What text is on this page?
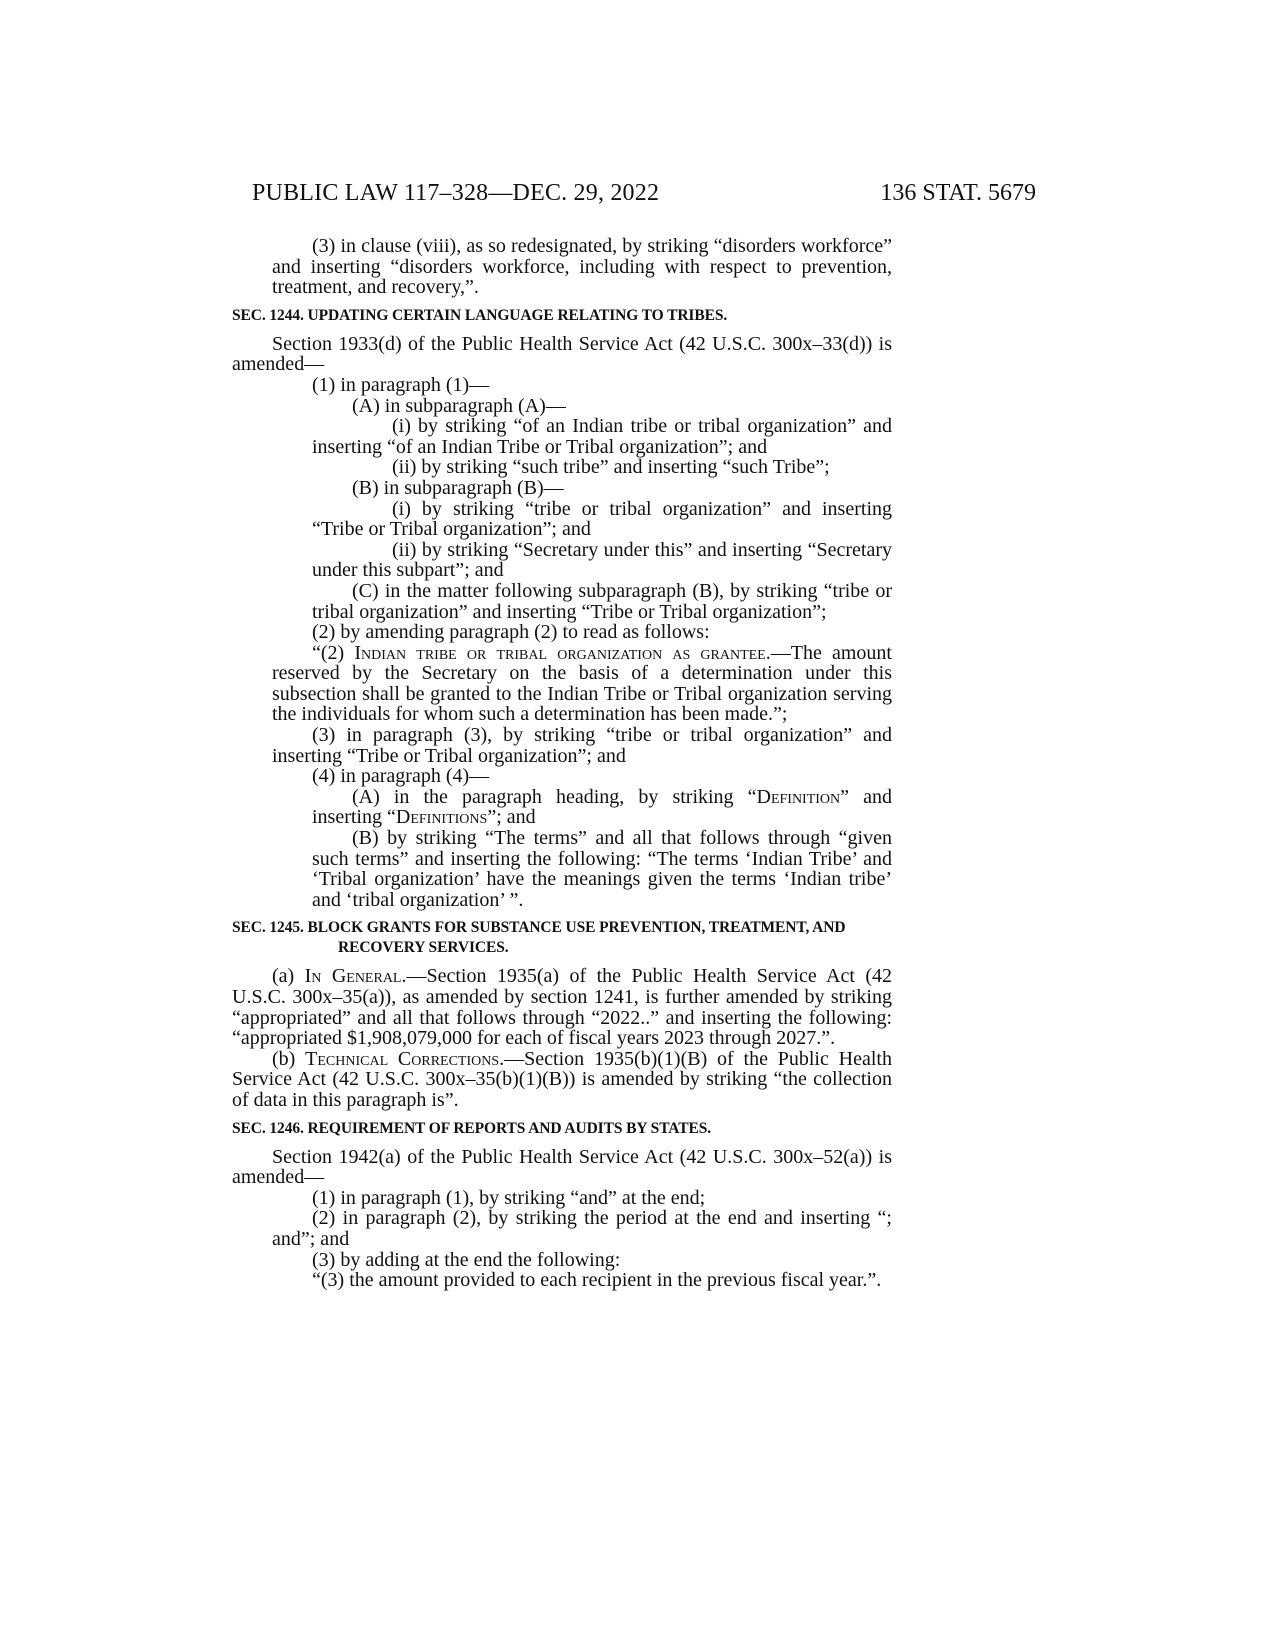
PUBLIC LAW 117–328—DEC. 29, 2022	136 STAT. 5679

(3) in clause (viii), as so redesignated, by striking “disorders workforce” and inserting “disorders workforce, including with respect to prevention, treatment, and recovery,”.

SEC. 1244. UPDATING CERTAIN LANGUAGE RELATING TO TRIBES.

Section 1933(d) of the Public Health Service Act (42 U.S.C. 300x–33(d)) is amended—

(1) in paragraph (1)—

(A) in subparagraph (A)—

(i) by striking “of an Indian tribe or tribal organization” and inserting “of an Indian Tribe or Tribal organization”; and

(ii) by striking “such tribe” and inserting “such Tribe”;

(B) in subparagraph (B)—

(i) by striking “tribe or tribal organization” and inserting “Tribe or Tribal organization”; and

(ii) by striking “Secretary under this” and inserting “Secretary under this subpart”; and

(C) in the matter following subparagraph (B), by striking “tribe or tribal organization” and inserting “Tribe or Tribal organization”;

(2) by amending paragraph (2) to read as follows:

“(2) Indian tribe or tribal organization as grantee.—The amount reserved by the Secretary on the basis of a determination under this subsection shall be granted to the Indian Tribe or Tribal organization serving the individuals for whom such a determination has been made.”;

(3) in paragraph (3), by striking “tribe or tribal organization” and inserting “Tribe or Tribal organization”; and

(4) in paragraph (4)—

(A) in the paragraph heading, by striking “Definition” and inserting “Definitions”; and

(B) by striking “The terms” and all that follows through “given such terms” and inserting the following: “The terms ‘Indian Tribe’ and ‘Tribal organization’ have the meanings given the terms ‘Indian tribe’ and ‘tribal organization’ ”.

SEC. 1245. BLOCK GRANTS FOR SUBSTANCE USE PREVENTION, TREATMENT, AND RECOVERY SERVICES.

(a) In General.—Section 1935(a) of the Public Health Service Act (42 U.S.C. 300x–35(a)), as amended by section 1241, is further amended by striking “appropriated” and all that follows through “2022..” and inserting the following: “appropriated $1,908,079,000 for each of fiscal years 2023 through 2027.”.

(b) Technical Corrections.—Section 1935(b)(1)(B) of the Public Health Service Act (42 U.S.C. 300x–35(b)(1)(B)) is amended by striking “the collection of data in this paragraph is”.

SEC. 1246. REQUIREMENT OF REPORTS AND AUDITS BY STATES.

Section 1942(a) of the Public Health Service Act (42 U.S.C. 300x–52(a)) is amended—

(1) in paragraph (1), by striking “and” at the end;

(2) in paragraph (2), by striking the period at the end and inserting “; and”; and

(3) by adding at the end the following:

“(3) the amount provided to each recipient in the previous fiscal year.”.
